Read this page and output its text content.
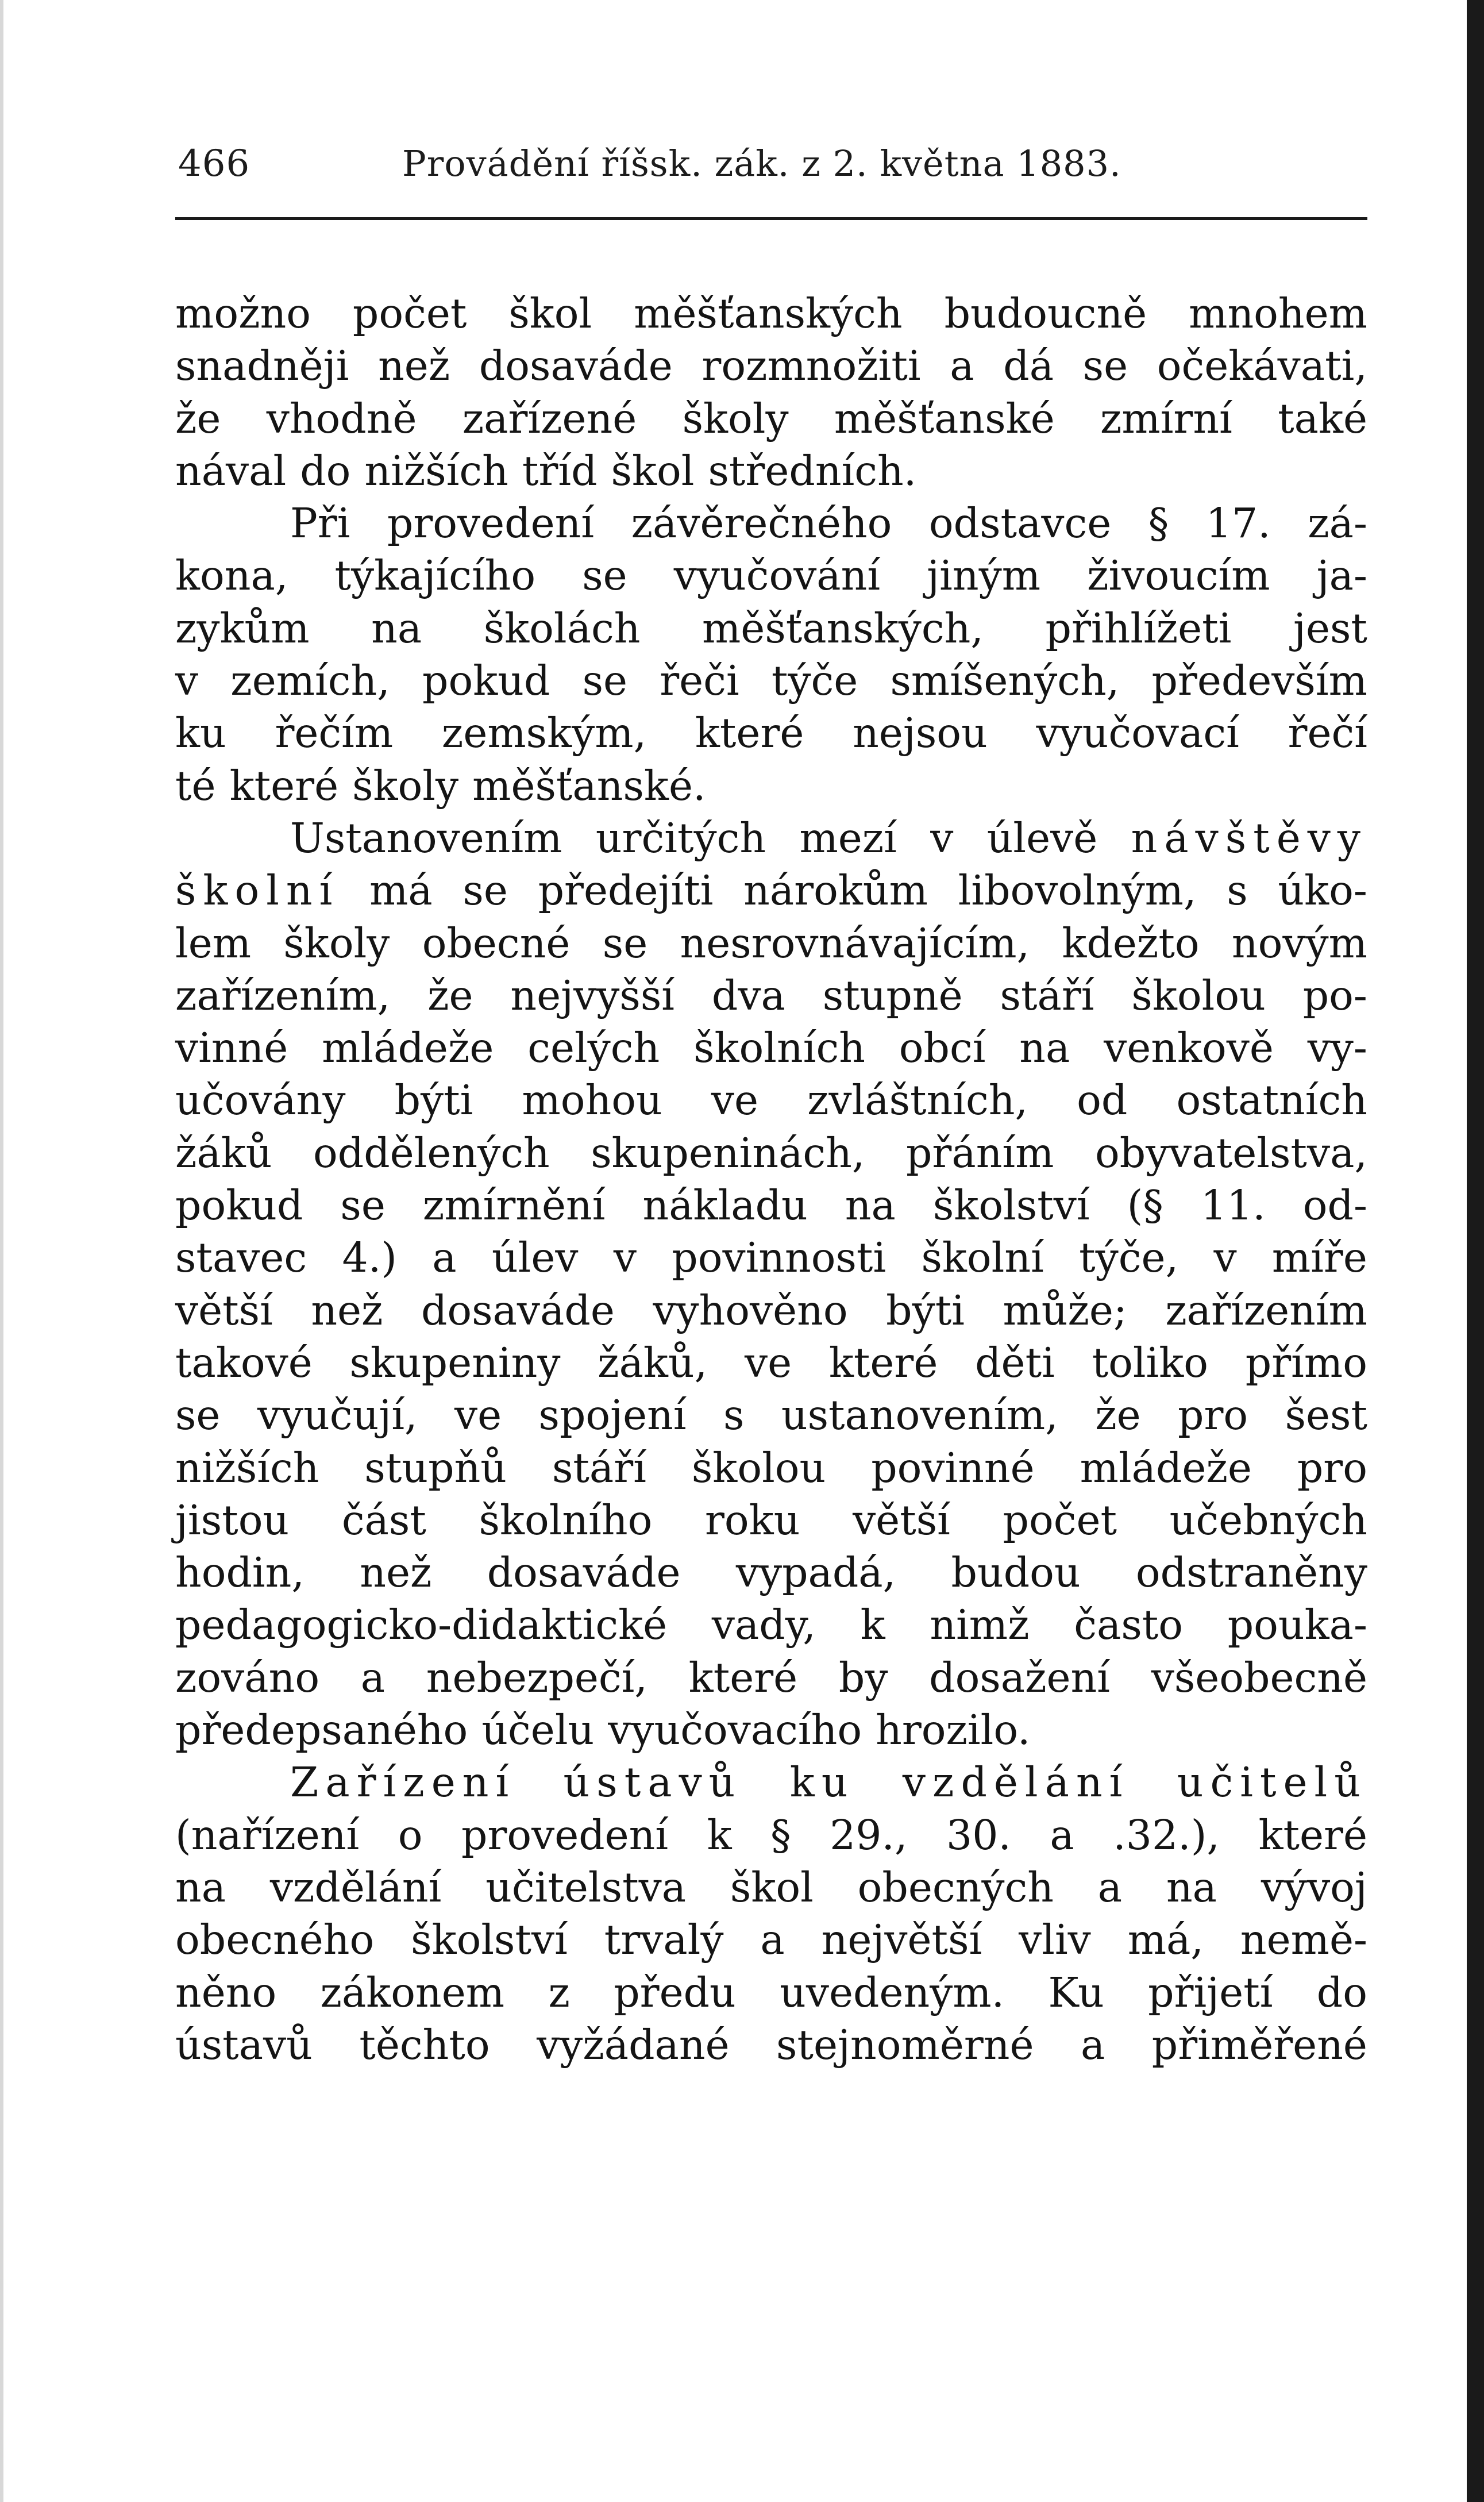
466	Provádění říšsk. zák. z 2. května 1883.
možno počet škol měšťanských budoucně mnohem
snadněji než dosaváde rozmnožiti a dá se očekávati,
že vhodně zařízené školy měšťanské zmírní také
nával do nižších tříd škol středních.
Při provedení závěrečného odstavce § 17. zá-
kona, týkajícího se vyučování jiným živoucím ja-
zykům na školách měšťanských, přihlížeti jest
v zemích, pokud se řeči týče smíšených, především
ku řečím zemským, které nejsou vyučovací řečí
té které školy měšťanské.
Ustanovením určitých mezí v úlevě návštěvy
školní má se předejíti nárokům libovolným, s úko-
lem školy obecné se nesrovnávajícím, kdežto novým
zařízením, že nejvyšší dva stupně stáří školou po-
vinné mládeže celých školních obcí na venkově vy-
učovány býti mohou ve zvláštních, od ostatních
žáků oddělených skupeninách, přáním obyvatelstva,
pokud se zmírnění nákladu na školství (§ 11. od-
stavec 4.) a úlev v povinnosti školní týče, v míře
větší než dosaváde vyhověno býti může; zařízením
takové skupeniny žáků, ve které děti toliko přímo
se vyučují, ve spojení s ustanovením, že pro šest
nižších stupňů stáří školou povinné mládeže pro
jistou část školního roku větší počet učebných
hodin, než dosaváde vypadá, budou odstraněny
pedagogicko-didaktické vady, k nimž často pouka-
zováno a nebezpečí, které by dosažení všeobecně
předepsaného účelu vyučovacího hrozilo.
Zařízení ústavů ku vzdělání učitelů
(nařízení o provedení k § 29., 30. a .32.), které
na vzdělání učitelstva škol obecných a na vývoj
obecného školství trvalý a největší vliv má, nemě-
něno zákonem z předu uvedeným. Ku přijetí do
ústavů těchto vyžádané stejnoměrné a přiměřené
